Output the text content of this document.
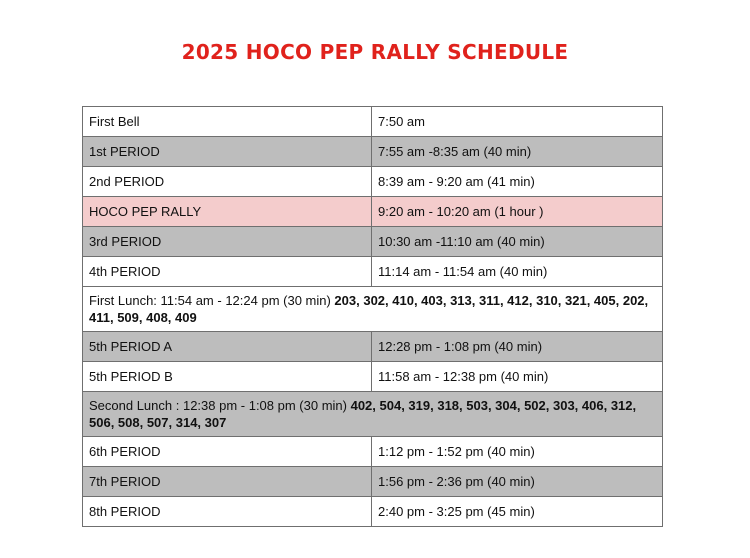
2025 HOCO PEP RALLY SCHEDULE
First Bell	7:50 am
1st PERIOD	7:55 am -8:35 am (40 min)
2nd PERIOD	8:39 am - 9:20 am (41 min)
HOCO PEP RALLY	9:20 am - 10:20 am (1 hour )
3rd PERIOD	10:30 am -11:10 am (40 min)
4th PERIOD	11:14 am - 11:54 am (40 min)
First Lunch: 11:54 am - 12:24 pm (30 min) 203, 302, 410, 403, 313, 311, 412, 310, 321, 405, 202, 411, 509, 408, 409	
5th PERIOD A	12:28 pm - 1:08 pm (40 min)
5th PERIOD B	11:58 am - 12:38 pm (40 min)
Second Lunch : 12:38 pm - 1:08 pm (30 min) 402, 504, 319, 318, 503, 304, 502, 303, 406, 312, 506, 508, 507, 314, 307	
6th PERIOD	1:12 pm - 1:52 pm (40 min)
7th PERIOD	1:56 pm - 2:36 pm (40 min)
8th PERIOD	2:40 pm - 3:25 pm (45 min)
